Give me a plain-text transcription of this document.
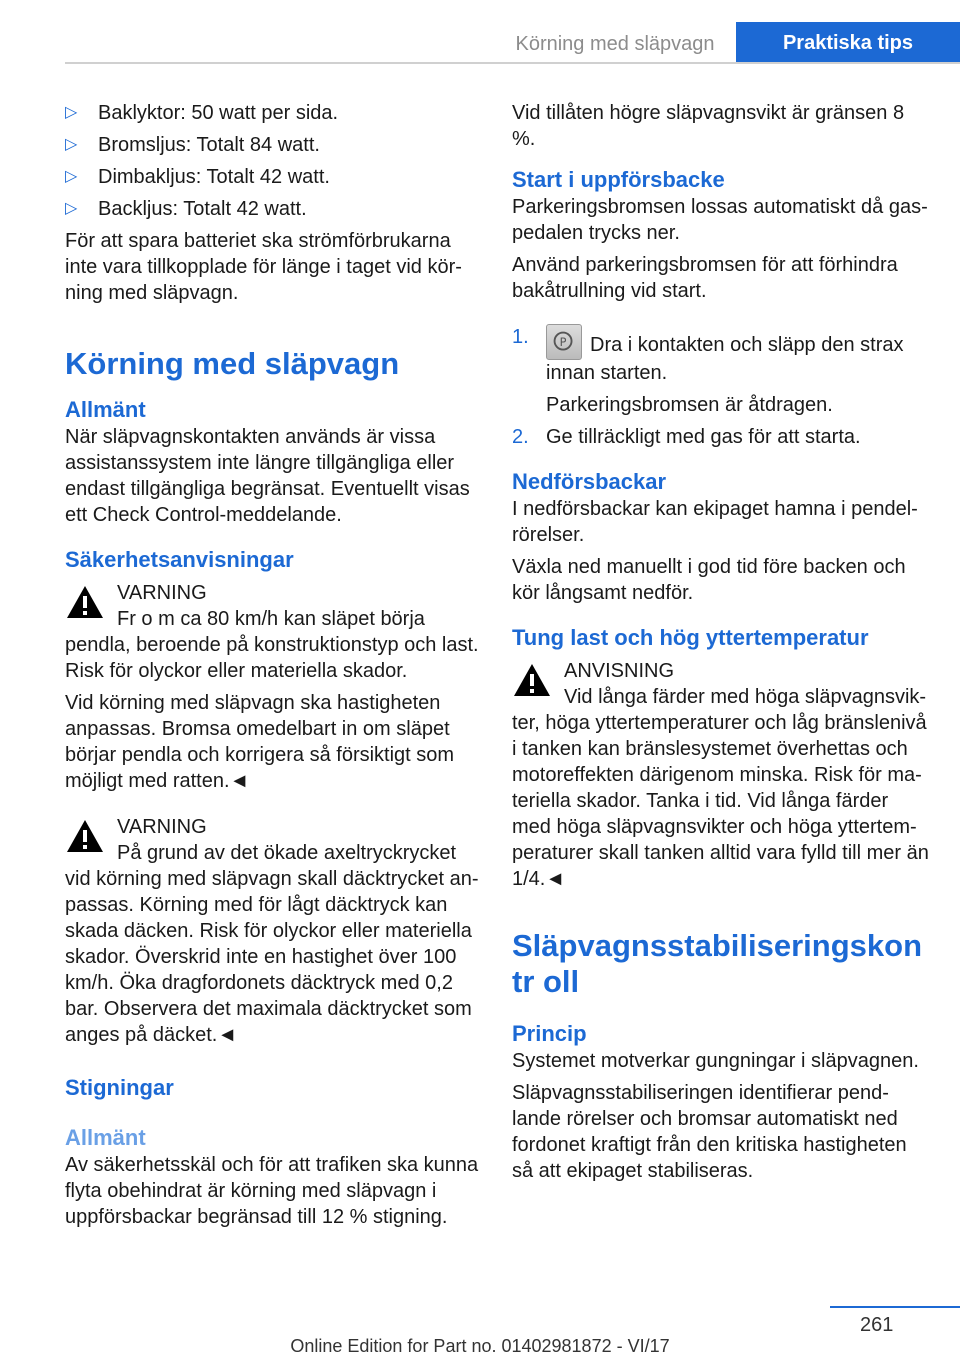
Körning med släpvagn	Praktiska tips
▷ Baklyktor: 50 watt per sida.
▷ Bromsljus: Totalt 84 watt.
▷ Dimbakljus: Totalt 42 watt.
▷ Backljus: Totalt 42 watt.

För att spara batteriet ska strömförbrukarna inte vara tillkopplade för länge i taget vid körning med släpvagn.

Körning med släpvagn
Allmänt

När släpvagnskontakten används är vissa assistanssystem inte längre tillgängliga eller endast tillgängliga begränsat. Eventuellt visas ett Check Control-meddelande.

Säkerhetsanvisningar
VARNING

Fr o m ca 80 km/h kan släpet börja pendla, beroende på konstruktionstyp och last. Risk för olyckor eller materiella skador.

Vid körning med släpvagn ska hastigheten anpassas. Bromsa omedelbart in om släpet börjar pendla och korrigera så försiktigt som möjligt med ratten.◄

VARNING

På grund av det ökade axeltryckrycket vid körning med släpvagn skall däcktrycket anpassas. Körning med för lågt däcktryck kan skada däcken. Risk för olyckor eller materiella skador. Överskrid inte en hastighet över 100 km/h. Öka dragfordonets däcktryck med 0,2 bar. Observera det maximala däcktrycket som anges på däcket.◄

Stigningar
Allmänt

Av säkerhetsskäl och för att trafiken ska kunna flyta obehindrat är körning med släpvagn i uppförsbackar begränsad till 12 % stigning.

Vid tillåten högre släpvagnsvikt är gränsen 8 %.

Start i uppförsbacke

Parkeringsbromsen lossas automatiskt då gaspedalen trycks ner.

Använd parkeringsbromsen för att förhindra bakåtrullning vid start.

1.	P Dra i kontakten och släpp den strax innan starten.
Parkeringsbromsen är åtdragen.
2. Ge tillräckligt med gas för att starta.
Nedförsbackar

I nedförsbackar kan ekipaget hamna i pendelrörelser.

Växla ned manuellt i god tid före backen och kör långsamt nedför.

Tung last och hög yttertemperatur
ANVISNING

Vid långa färder med höga släpvagnsvikter, höga yttertemperaturer och låg bränslenivå i tanken kan bränslesystemet överhettas och motoreffekten därigenom minska. Risk för materiella skador. Tanka i tid. Vid långa färder med höga släpvagnsvikter och höga yttertemperaturer skall tanken alltid vara fylld till mer än 1/4.◄

Släpvagnsstabiliseringskontr oll
Princip

Systemet motverkar gungningar i släpvagnen.

Släpvagnsstabiliseringen identifierar pendlande rörelser och bromsar automatiskt ned fordonet kraftigt från den kritiska hastigheten så att ekipaget stabiliseras.

261
Online Edition for Part no. 01402981872 - VI/17
